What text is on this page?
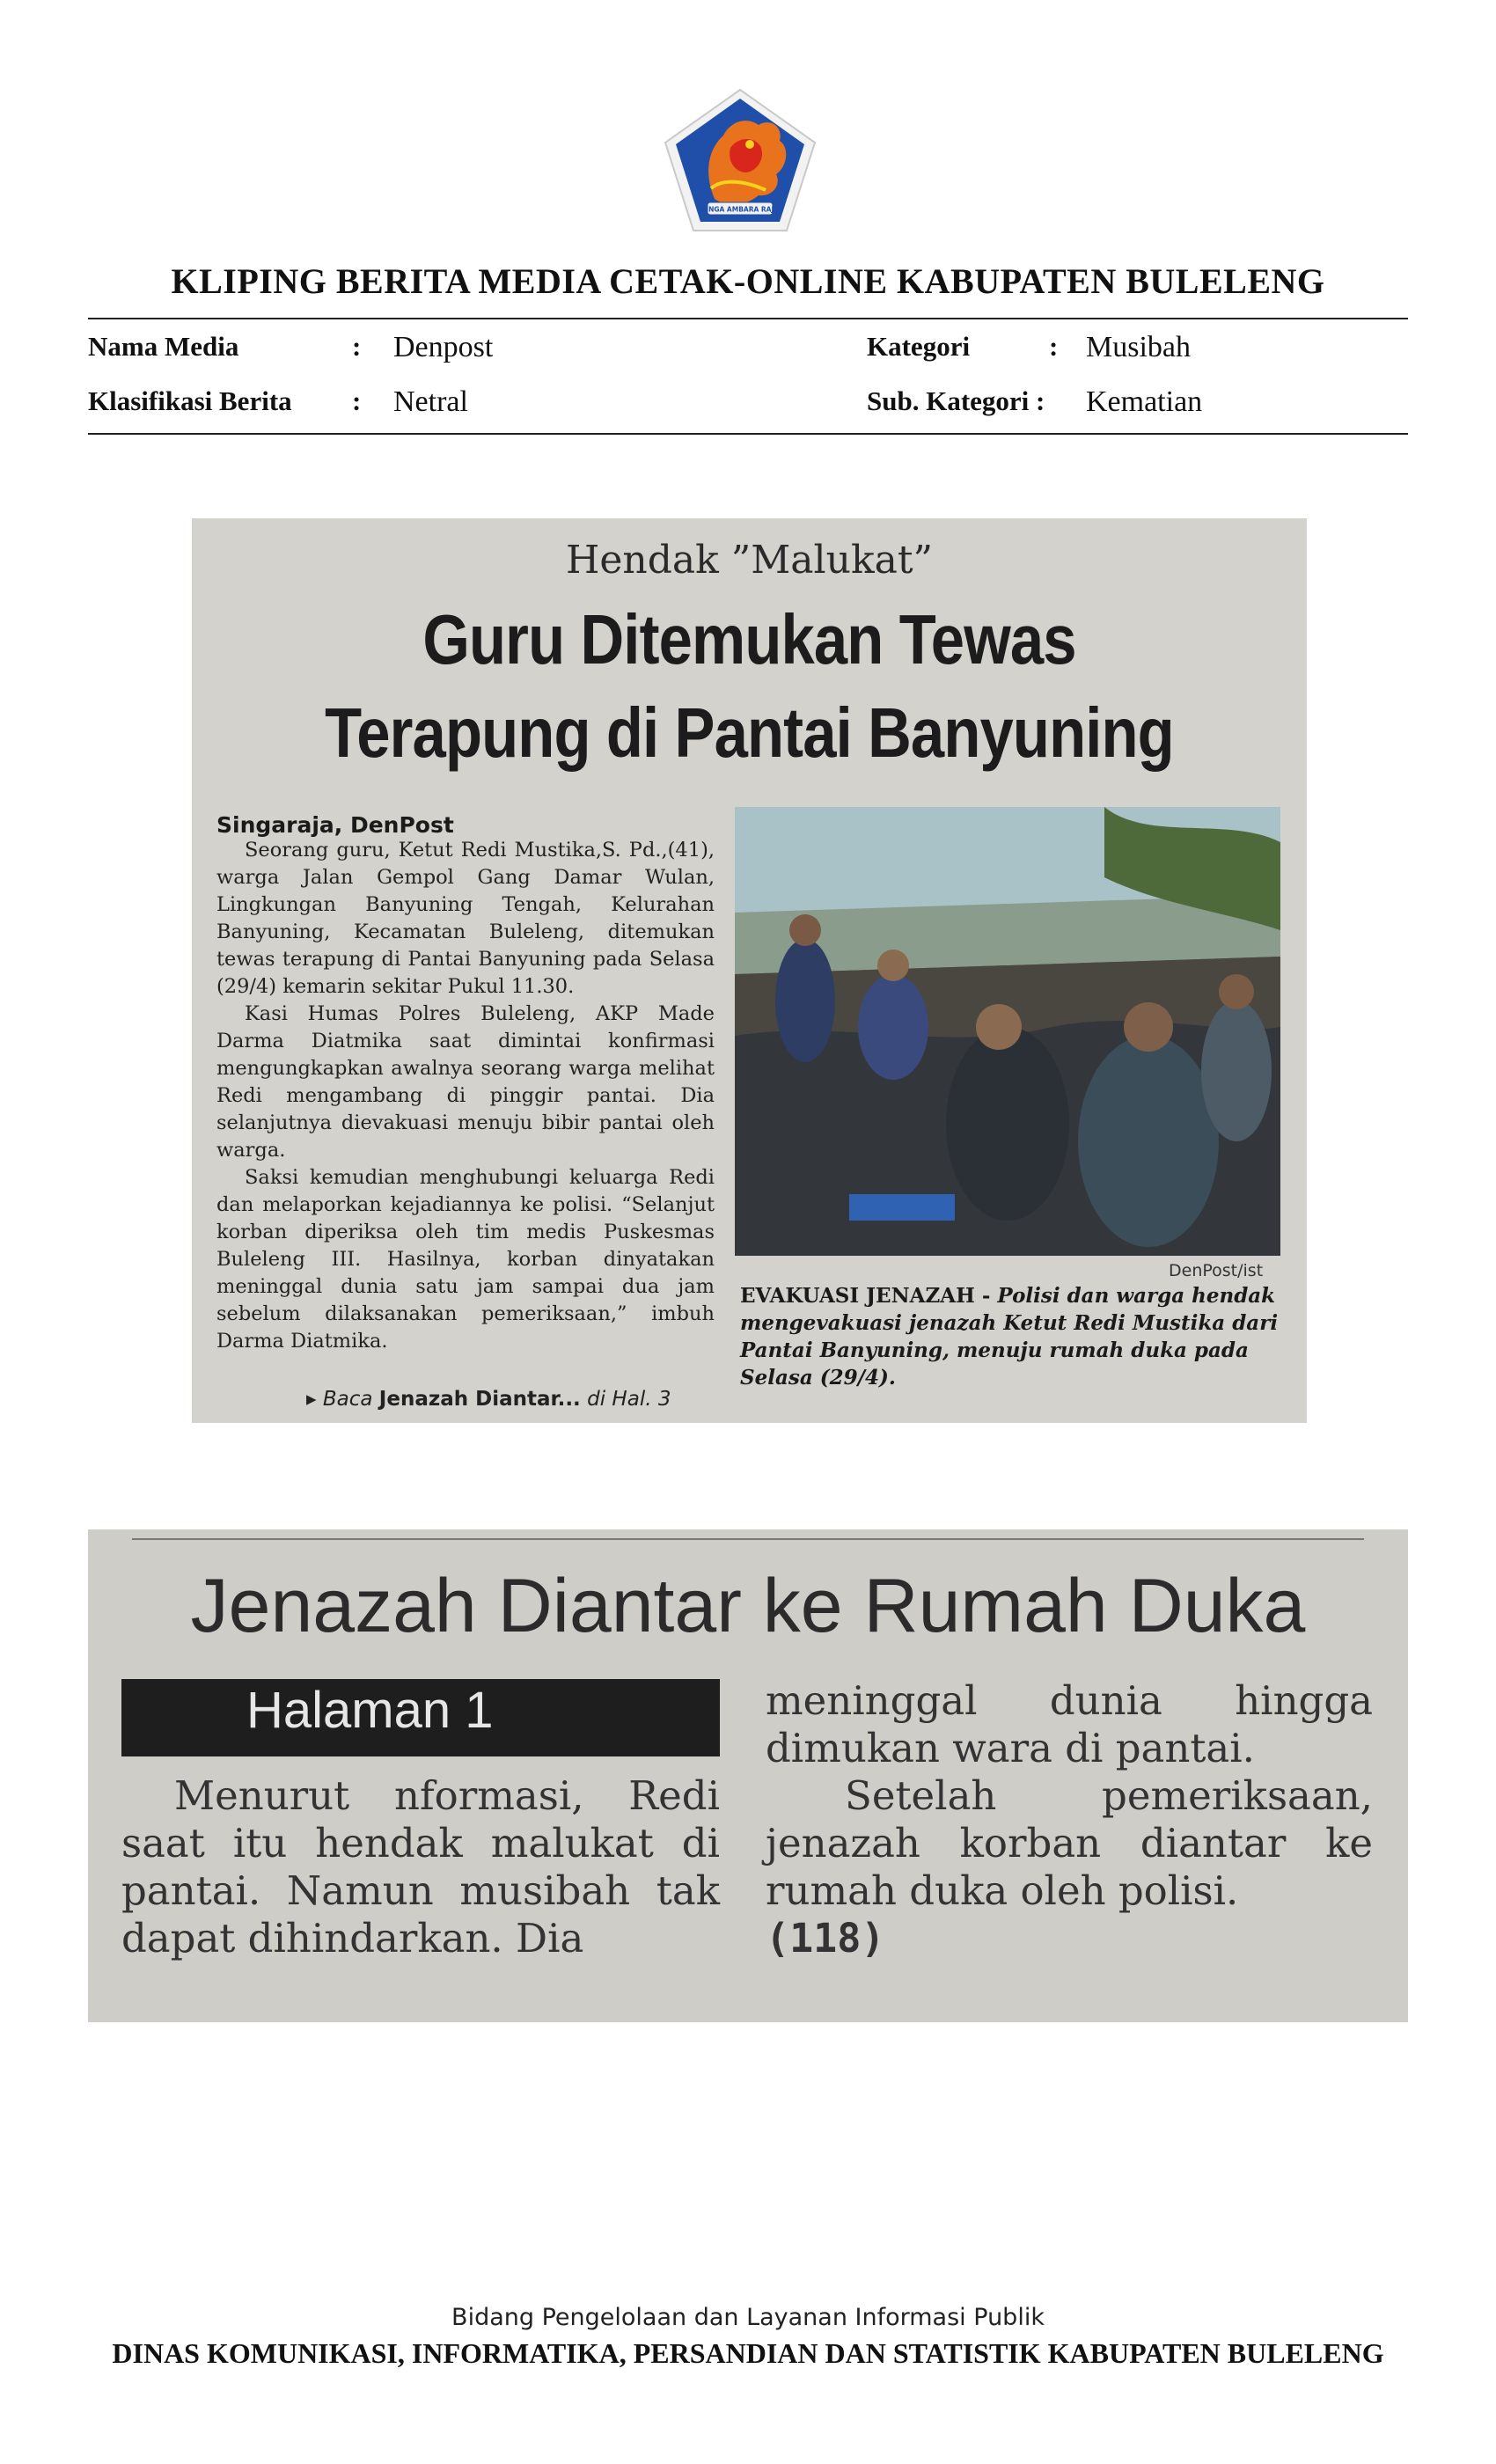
SINGA AMBARA RAJA
KLIPING BERITA MEDIA CETAK-ONLINE KABUPATEN BULELENG
Nama Media	: Denpost	Kategori	: Musibah
Klasifikasi Berita : Netral	Sub. Kategori : Kematian
Hendak ”Malukat”
Guru Ditemukan Tewas
Terapung di Pantai Banyuning
Singaraja, DenPost

Seorang guru, Ketut Redi Mustika,S. Pd.,(41), warga Jalan Gempol Gang Damar Wulan, Lingkungan Banyuning Tengah, Kelurahan Banyuning, Kecamatan Buleleng, ditemukan tewas terapung di Pantai Banyuning pada Selasa (29/4) kemarin sekitar Pukul 11.30.

Kasi Humas Polres Buleleng, AKP Made Darma Diatmika saat dimintai konfirmasi mengungkapkan awalnya seorang warga melihat Redi mengambang di pinggir pantai. Dia selanjutnya dievakuasi menuju bibir pantai oleh warga.

Saksi kemudian menghubungi keluarga Redi dan melaporkan kejadiannya ke polisi. “Selanjut korban diperiksa oleh tim medis Puskesmas Buleleng III. Hasilnya, korban dinyatakan meninggal dunia satu jam sampai dua jam sebelum dilaksanakan pemeriksaan,” imbuh Darma Diatmika.

▸ Baca Jenazah Diantar... di Hal. 3
DenPost/ist
EVAKUASI JENAZAH - Polisi dan warga hendak mengevakuasi jenazah Ketut Redi Mustika dari Pantai Banyuning, menuju rumah duka pada Selasa (29/4).
Jenazah Diantar ke Rumah Duka
Halaman 1

Menurut nformasi, Redi saat itu hendak malukat di pantai. Namun musibah tak dapat dihindarkan. Dia

meninggal dunia hingga dimukan wara di pantai.

Setelah pemeriksaan, jenazah korban diantar ke rumah duka oleh polisi.

(118)

Bidang Pengelolaan dan Layanan Informasi Publik
DINAS KOMUNIKASI, INFORMATIKA, PERSANDIAN DAN STATISTIK KABUPATEN BULELENG
